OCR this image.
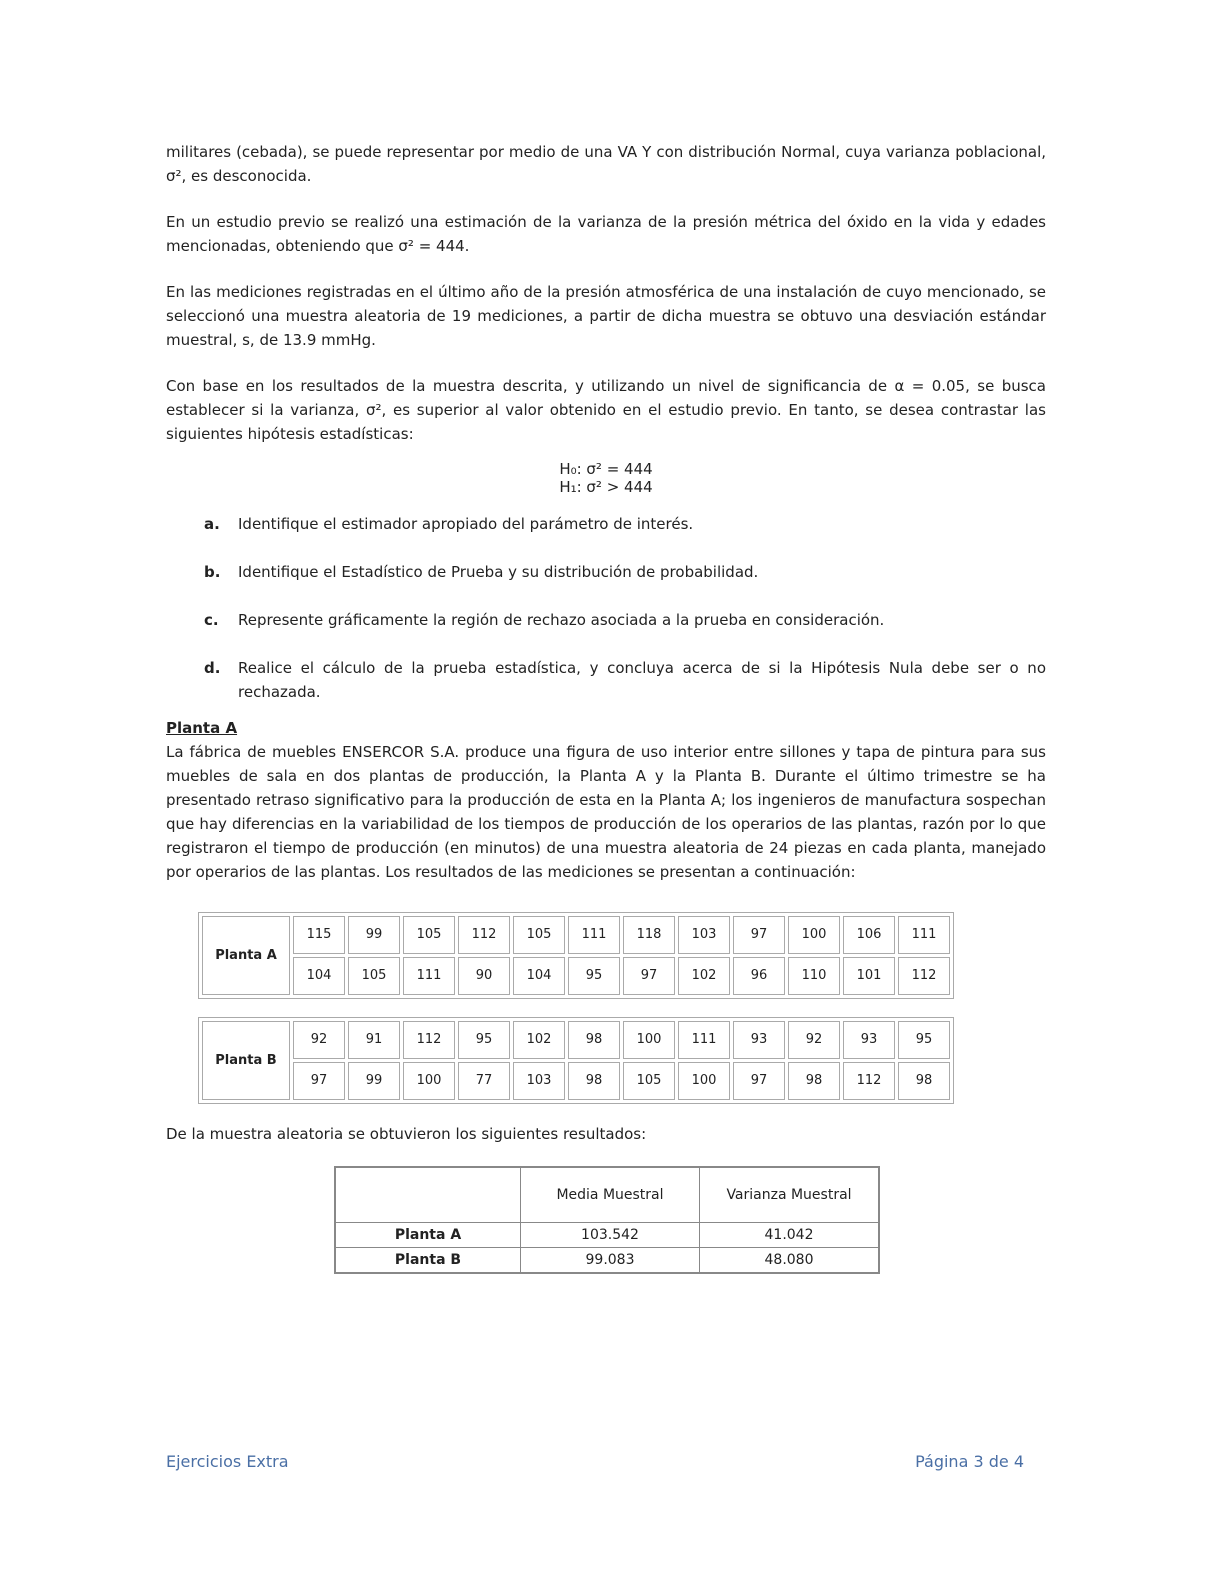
militares (cebada), se puede representar por medio de una VA Y con distribución Normal, cuya varianza poblacional, σ², es desconocida.

En un estudio previo se realizó una estimación de la varianza de la presión métrica del óxido en la vida y edades mencionadas, obteniendo que σ² = 444.

En las mediciones registradas en el último año de la presión atmosférica de una instalación de cuyo mencionado, se seleccionó una muestra aleatoria de 19 mediciones, a partir de dicha muestra se obtuvo una desviación estándar muestral, s, de 13.9 mmHg.

Con base en los resultados de la muestra descrita, y utilizando un nivel de significancia de α = 0.05, se busca establecer si la varianza, σ², es superior al valor obtenido en el estudio previo. En tanto, se desea contrastar las siguientes hipótesis estadísticas:

H₀: σ² = 444
H₁: σ² > 444
a. Identifique el estimador apropiado del parámetro de interés.
b. Identifique el Estadístico de Prueba y su distribución de probabilidad.
c. Represente gráficamente la región de rechazo asociada a la prueba en consideración.
d. Realice el cálculo de la prueba estadística, y concluya acerca de si la Hipótesis Nula debe ser o no rechazada.
Planta A

La fábrica de muebles ENSERCOR S.A. produce una figura de uso interior entre sillones y tapa de pintura para sus muebles de sala en dos plantas de producción, la Planta A y la Planta B. Durante el último trimestre se ha presentado retraso significativo para la producción de esta en la Planta A; los ingenieros de manufactura sospechan que hay diferencias en la variabilidad de los tiempos de producción de los operarios de las plantas, razón por lo que registraron el tiempo de producción (en minutos) de una muestra aleatoria de 24 piezas en cada planta, manejado por operarios de las plantas. Los resultados de las mediciones se presentan a continuación:

Planta A	115	99	105	112	105	111	118	103	97	100	106	111
	104	105	111	90	104	95	97	102	96	110	101	112
Planta B	92	91	112	95	102	98	100	111	93	92	93	95
	97	99	100	77	103	98	105	100	97	98	112	98

De la muestra aleatoria se obtuvieron los siguientes resultados:

	Media Muestral	Varianza Muestral
Planta A	103.542	41.042
Planta B	99.083	48.080
Ejercicios Extra	Página 3 de 4
